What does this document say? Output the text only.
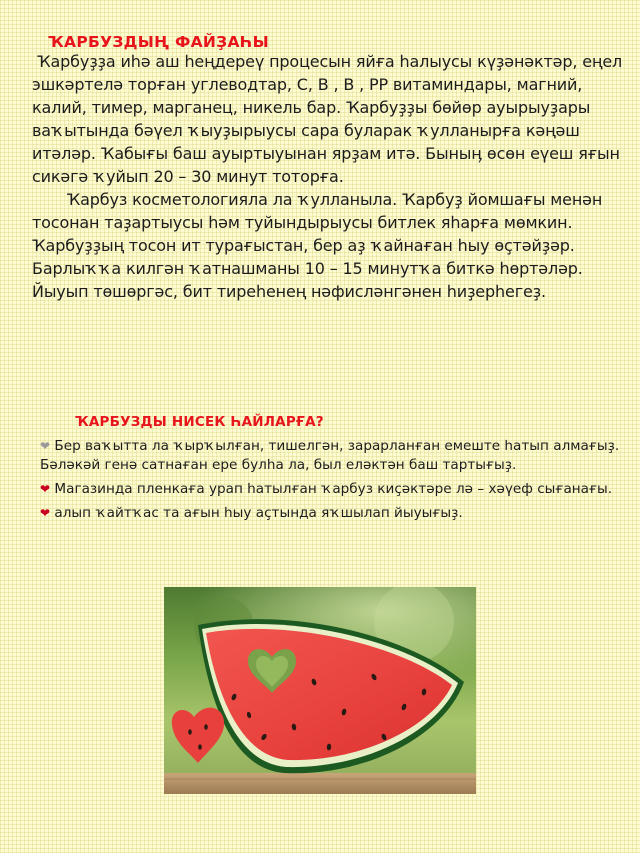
ҠАРБУЗДЫҢ ФАЙҘАҺЫ

Ҡарбуҙҙа иһә аш һеңдереү процесын яйға һалыусы күҙәнәктәр, еңел эшкәртелә торған углеводтар, С, В , В , РР витаминдары, магний, калий, тимер, марганец, никель бар. Ҡарбуҙҙы бөйөр ауырыуҙары ваҡытында бәүел ҡыуҙырыусы сара буларак ҡулланырға кәңәш итәләр. Ҡабығы баш ауыртыуынан ярҙам итә. Быныӊ өсөн еүеш яғын сикәгә ҡуйып 20 – 30 минут тоторға.

Ҡарбуз косметологияла ла ҡулланыла. Ҡарбуҙ йомшағы менән тосонан таҙартыусы һәм туйындырыусы битлек яһарға мөмкин. Ҡарбуҙҙың тосон ит турағыстан, бер аҙ ҡайнаған һыу өҫтәйҙәр. Барлыҡҡа килгән ҡатнашманы 10 – 15 минутҡа биткә һөртәләр. Йыуып төшөргәс, бит тиреһенең нәфисләнгәнен һиҙерһегеҙ.

ҠАРБУЗДЫ НИСЕК ҺАЙЛАРҒА?
❤ Бер ваҡытта ла ҡырҡылған, тишелгән, зарарланған емеште һатып алмағыҙ. Бәләкәй генә сатнаған ере булһа ла, был еләктән баш тартығыҙ.
❤ Магазинда пленкаға урап һатылған ҡарбуз киҫәктәре лә – хәүеф сығанағы.
❤ алып ҡайтҡас та ағын һыу аҫтында яҡшылап йыуығыҙ.
